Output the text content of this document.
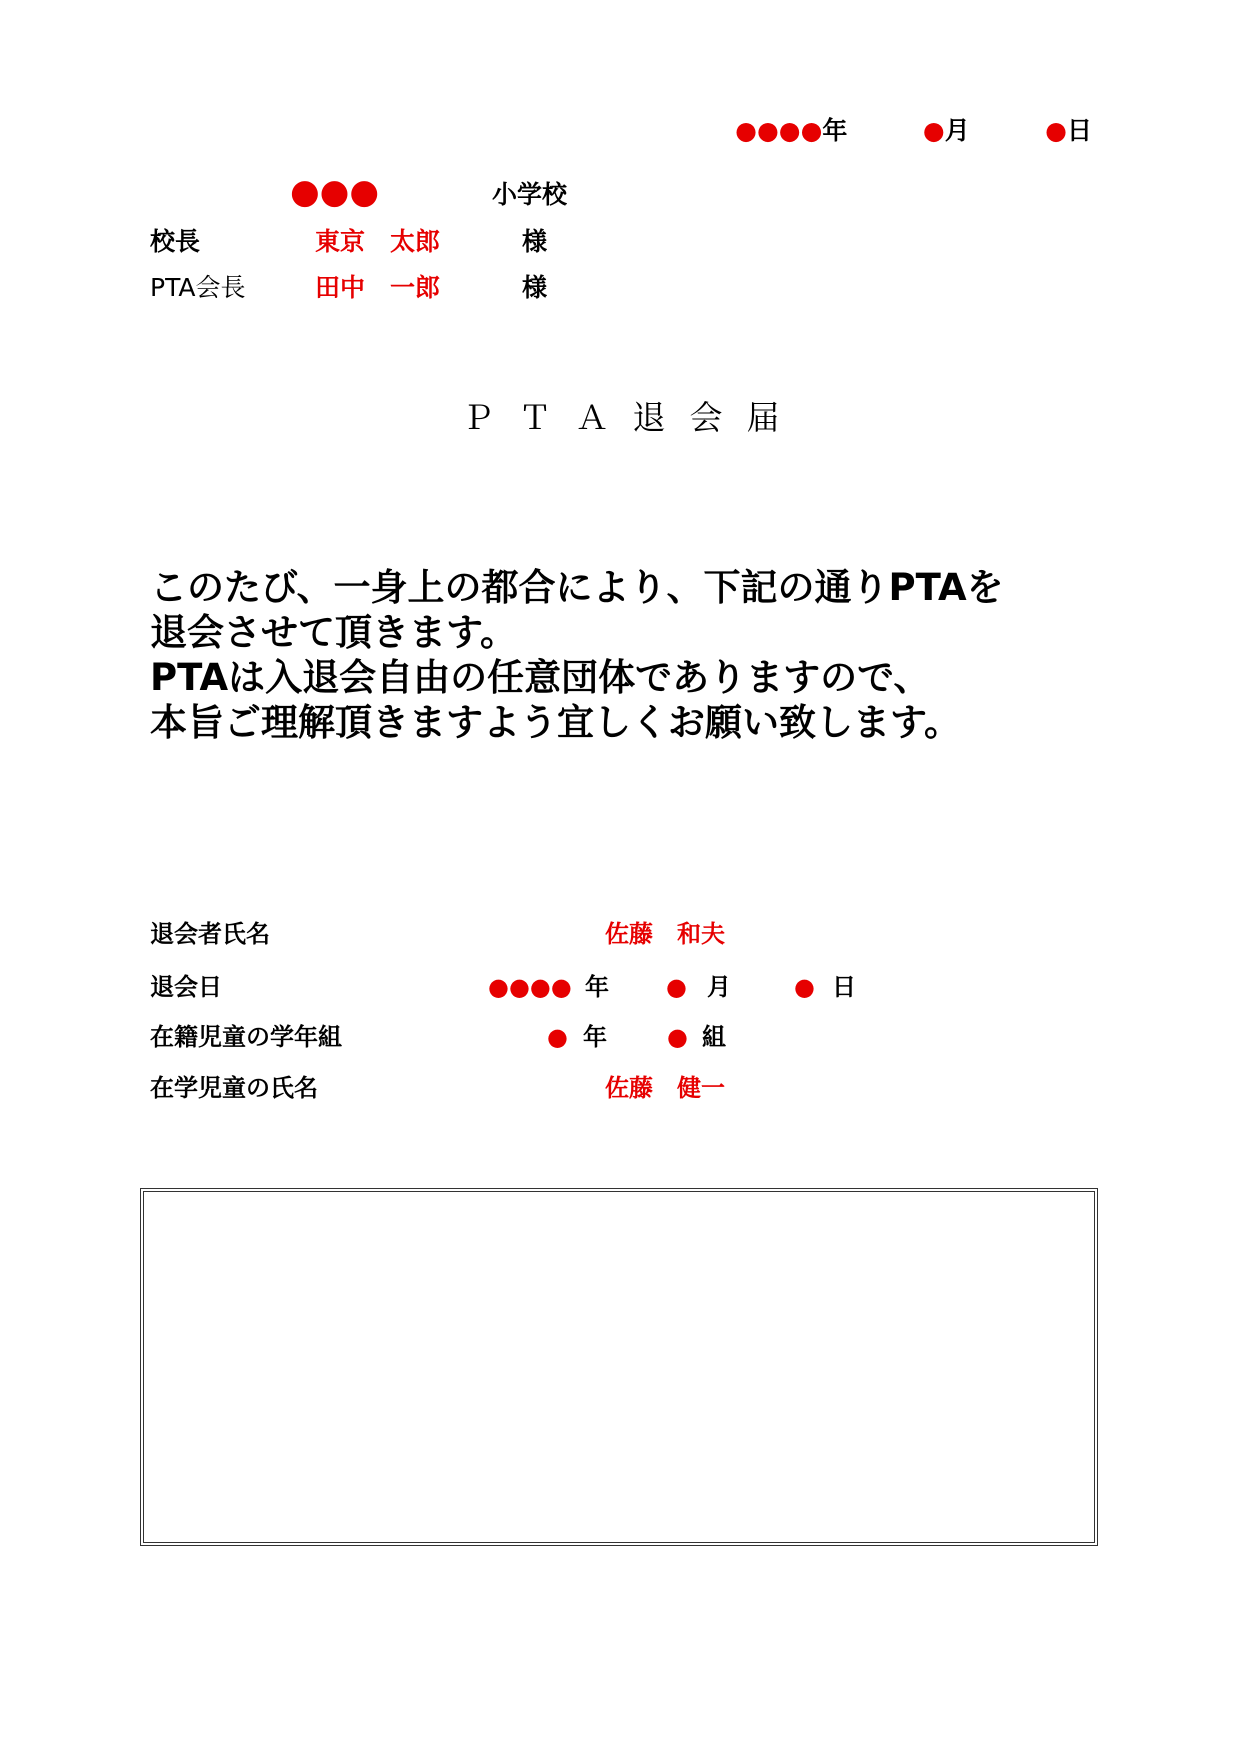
●●●●年	●月	●日
●●●	小学校
校長	東京　太郎	様
PTA会長	田中　一郎	様
ＰＴＡ退会届
このたび、一身上の都合により、下記の通りPTAを
退会させて頂きます。
PTAは入退会自由の任意団体でありますので、
本旨ご理解頂きますよう宜しくお願い致します。
退会者氏名	佐藤　和夫
退会日	●●●● 年 ● 月	● 日
在籍児童の学年組	● 年	● 組
在学児童の氏名	佐藤　健一
